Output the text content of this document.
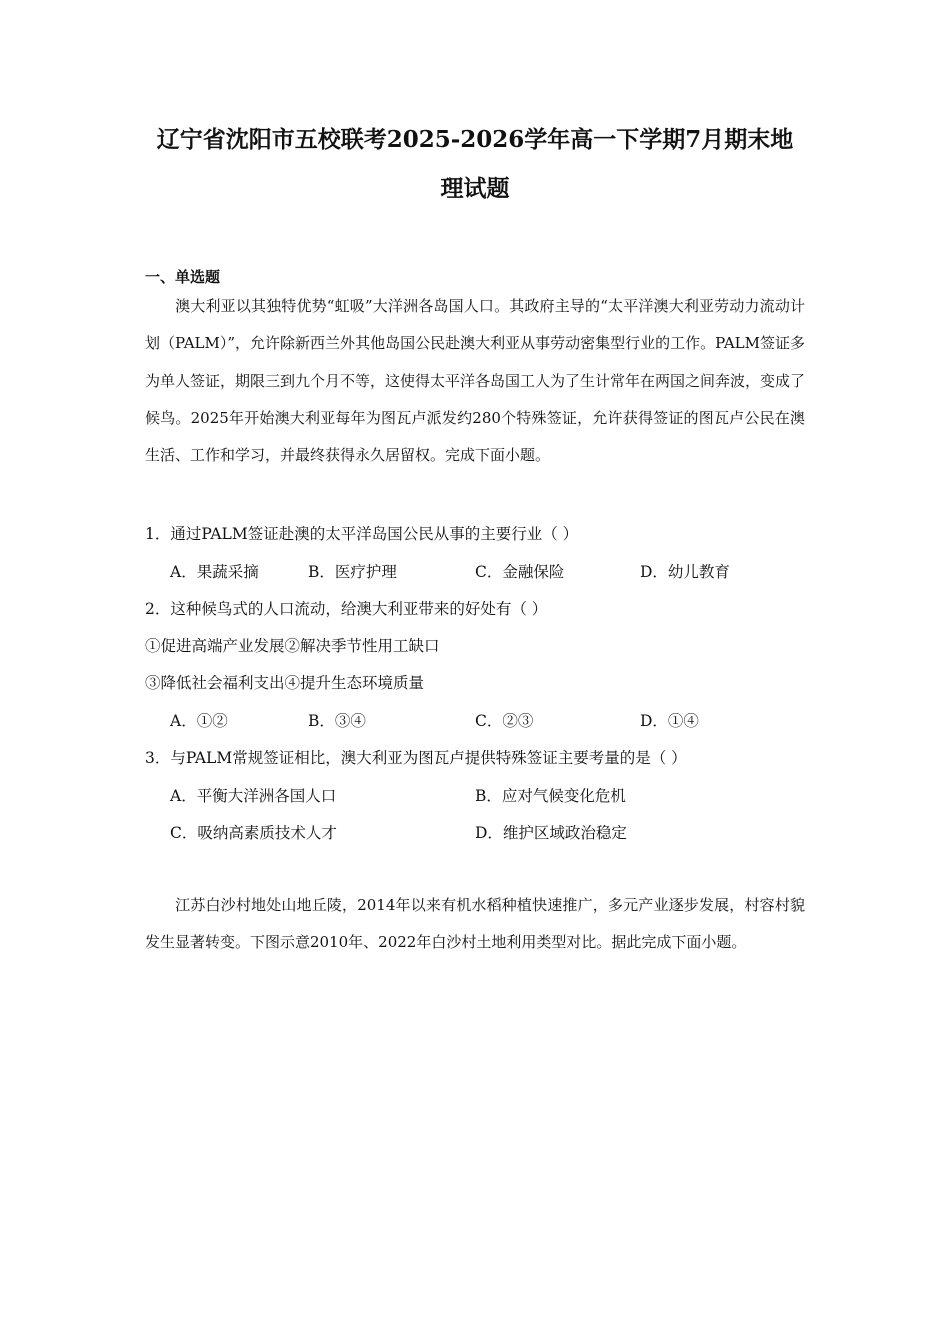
辽宁省沈阳市五校联考2025-2026学年高一下学期7月期末地
理试题
一、单选题
澳大利亚以其独特优势“虹吸”大洋洲各岛国人口。其政府主导的“太平洋澳大利亚劳动力流动计划（PALM）”，允许除新西兰外其他岛国公民赴澳大利亚从事劳动密集型行业的工作。PALM签证多为单人签证，期限三到九个月不等，这使得太平洋各岛国工人为了生计常年在两国之间奔波，变成了候鸟。2025年开始澳大利亚每年为图瓦卢派发约280个特殊签证，允许获得签证的图瓦卢公民在澳生活、工作和学习，并最终获得永久居留权。完成下面小题。
1．通过PALM签证赴澳的太平洋岛国公民从事的主要行业（ ）
A．果蔬采摘	B．医疗护理	C．金融保险	D．幼儿教育
2．这种候鸟式的人口流动，给澳大利亚带来的好处有（ ）
①促进高端产业发展②解决季节性用工缺口
③降低社会福利支出④提升生态环境质量
A．①②	B．③④	C．②③	D．①④
3．与PALM常规签证相比，澳大利亚为图瓦卢提供特殊签证主要考量的是（ ）
A．平衡大洋洲各国人口	B．应对气候变化危机
C．吸纳高素质技术人才	D．维护区域政治稳定
江苏白沙村地处山地丘陵，2014年以来有机水稻种植快速推广，多元产业逐步发展，村容村貌发生显著转变。下图示意2010年、2022年白沙村土地利用类型对比。据此完成下面小题。
